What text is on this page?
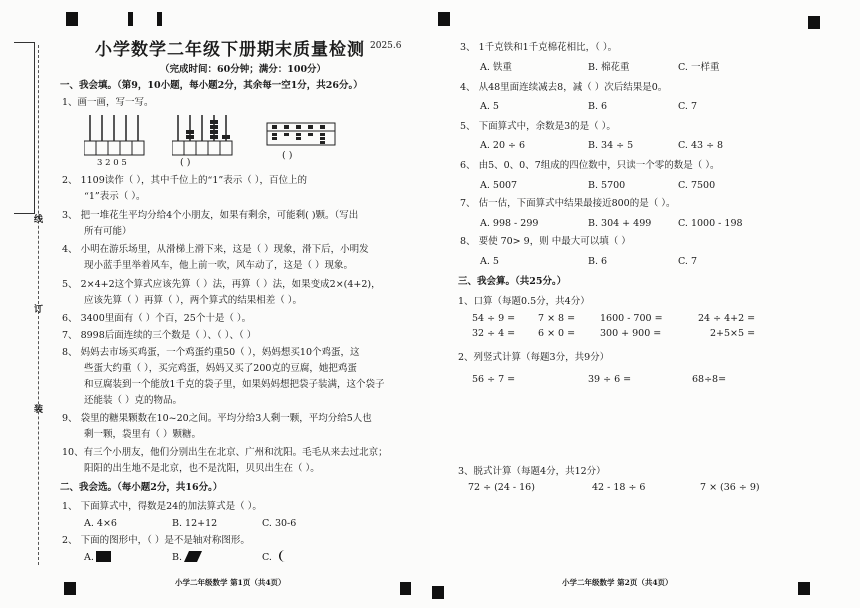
线
订
装
小学数学二年级下册期末质量检测 2025.6
（完成时间：60分钟；满分：100分）
一、我会填。（第9，10小题，每小题2分，其余每一空1分，共26分。）
1、画一画，写一写。
3 2 0 5	( )
( )
2、 1109读作（ ），其中千位上的“1”表示（ ），百位上的
“1”表示（ ）。
3、 把一堆花生平均分给4个小朋友，如果有剩余，可能剩( )颗。（写出
所有可能）
4、 小明在游乐场里，从滑梯上滑下来，这是（ ）现象，滑下后，小明发
现小蓝手里举着风车，他上前一吹，风车动了，这是（ ）现象。
5、 2×4+2这个算式应该先算（ ）法，再算（ ）法，如果变成2×(4+2)，
应该先算（ ）再算（ ），两个算式的结果相差（ ）。
6、 3400里面有（ ）个百，25个十是（ ）。
7、 8998后面连续的三个数是（ ）、（ ）、（ ）
8、 妈妈去市场买鸡蛋，一个鸡蛋约重50（ ），妈妈想买10个鸡蛋，这
些蛋大约重（ ），买完鸡蛋，妈妈又买了200克的豆腐，她把鸡蛋
和豆腐装到一个能放1千克的袋子里，如果妈妈想把袋子装满，这个袋子
还能装（ ）克的物品。
9、 袋里的糖果颗数在10~20之间。平均分给3人剩一颗，平均分给5人也
剩一颗，袋里有（ ）颗糖。
10、有三个小朋友，他们分别出生在北京、广州和沈阳。毛毛从来去过北京；
阳阳的出生地不是北京，也不是沈阳，贝贝出生在（ ）。
二、我会选。（每小题2分，共16分。）
1、 下面算式中，得数是24的加法算式是（ ）。
A. 4×6	B. 12+12	C. 30-6
2、 下面的图形中，（ ）是不是轴对称图形。
A.	B.	C.
小学二年级数学 第1页（共4页）
3、 1千克铁和1千克棉花相比，（ ）。
A. 铁重	B. 棉花重	C. 一样重
4、 从48里面连续减去8，减（ ）次后结果是0。
A. 5	B. 6	C. 7
5、 下面算式中，余数是3的是（ ）。
A. 20 ÷ 6	B. 34 ÷ 5	C. 43 ÷ 8
6、 由5、0、0、7组成的四位数中，只读一个零的数是（ ）。
A. 5007	B. 5700	C. 7500
7、 估一估，下面算式中结果最接近800的是（ ）。
A. 998 - 299	B. 304 + 499	C. 1000 - 198
8、 要使 70> 9，则 中最大可以填（ ）
A. 5	B. 6	C. 7
三、我会算。（共25分。）
1、口算（每题0.5分，共4分）
54 ÷ 9 = 7 × 8 =	1600 - 700 =	24 ÷ 4+2 =
32 ÷ 4 = 6 × 0 =	300 + 900 =	2+5×5 =
2、列竖式计算（每题3分，共9分）
56 ÷ 7 =	39 ÷ 6 =	68÷8=
3、脱式计算（每题4分，共12分）
72 ÷ (24 - 16)	42 - 18 ÷ 6	7 × (36 ÷ 9)
小学二年级数学 第2页（共4页）
